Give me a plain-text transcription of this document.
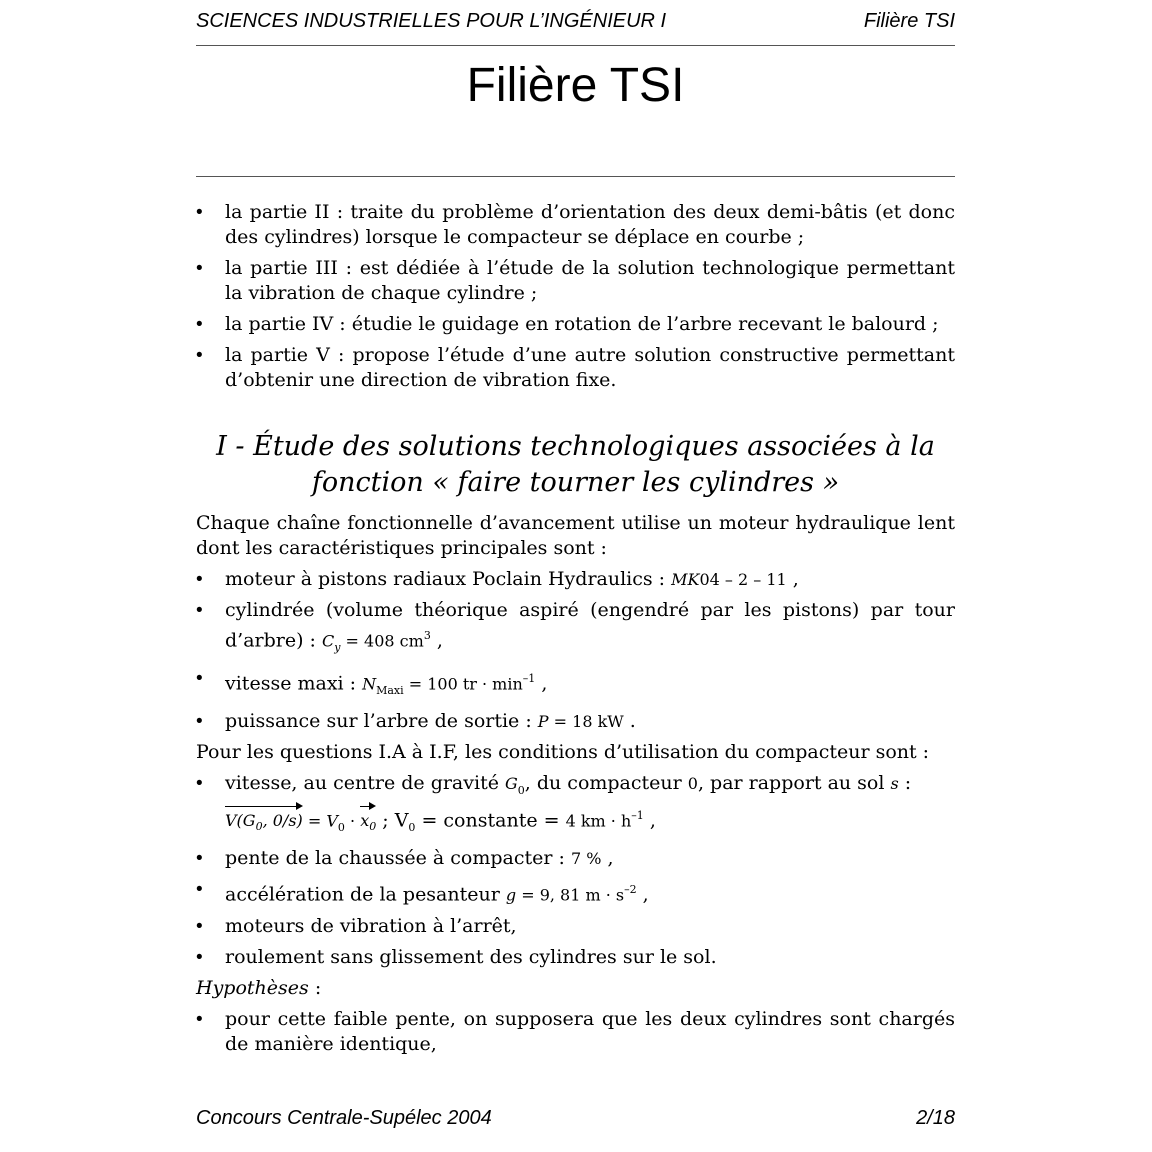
SCIENCES INDUSTRIELLES POUR L’INGÉNIEUR I	Filière TSI
Filière TSI
• la partie II : traite du problème d’orientation des deux demi-bâtis (et donc des cylindres) lorsque le compacteur se déplace en courbe ;
• la partie III : est dédiée à l’étude de la solution technologique permettant la vibration de chaque cylindre ;
• la partie IV : étudie le guidage en rotation de l’arbre recevant le balourd ;
• la partie V : propose l’étude d’une autre solution constructive permettant d’obtenir une direction de vibration fixe.
I - Étude des solutions technologiques associées à la
fonction « faire tourner les cylindres »

Chaque chaîne fonctionnelle d’avancement utilise un moteur hydraulique lent dont les caractéristiques principales sont :

• moteur à pistons radiaux Poclain Hydraulics : MK04 – 2 – 11 ,
• cylindrée (volume théorique aspiré (engendré par les pistons) par tour d’arbre) : $C_y = 408$ $cm^3$ ,
• vitesse maxi : $N_{Maxi} = 100$ tr · $\min^{-1}$ ,
• puissance sur l’arbre de sortie : P = 18 kW .

Pour les questions I.A à I.F, les conditions d’utilisation du compacteur sont :

• vitesse, au centre de gravité $G_0$, du compacteur 0, par rapport au sol s :
$V(G_0$, $0/s) = V_0 \cdot x_0$ ; $V_0$ = constante = 4 km · $h^{-1}$ ,
• pente de la chaussée à compacter : 7 % ,
• accélération de la pesanteur g = 9, 81 $m \cdot s^{-2}$ ,
• moteurs de vibration à l’arrêt,
• roulement sans glissement des cylindres sur le sol.

Hypothèses :

• pour cette faible pente, on supposera que les deux cylindres sont chargés de manière identique,
Concours Centrale-Supélec 2004	2/18
